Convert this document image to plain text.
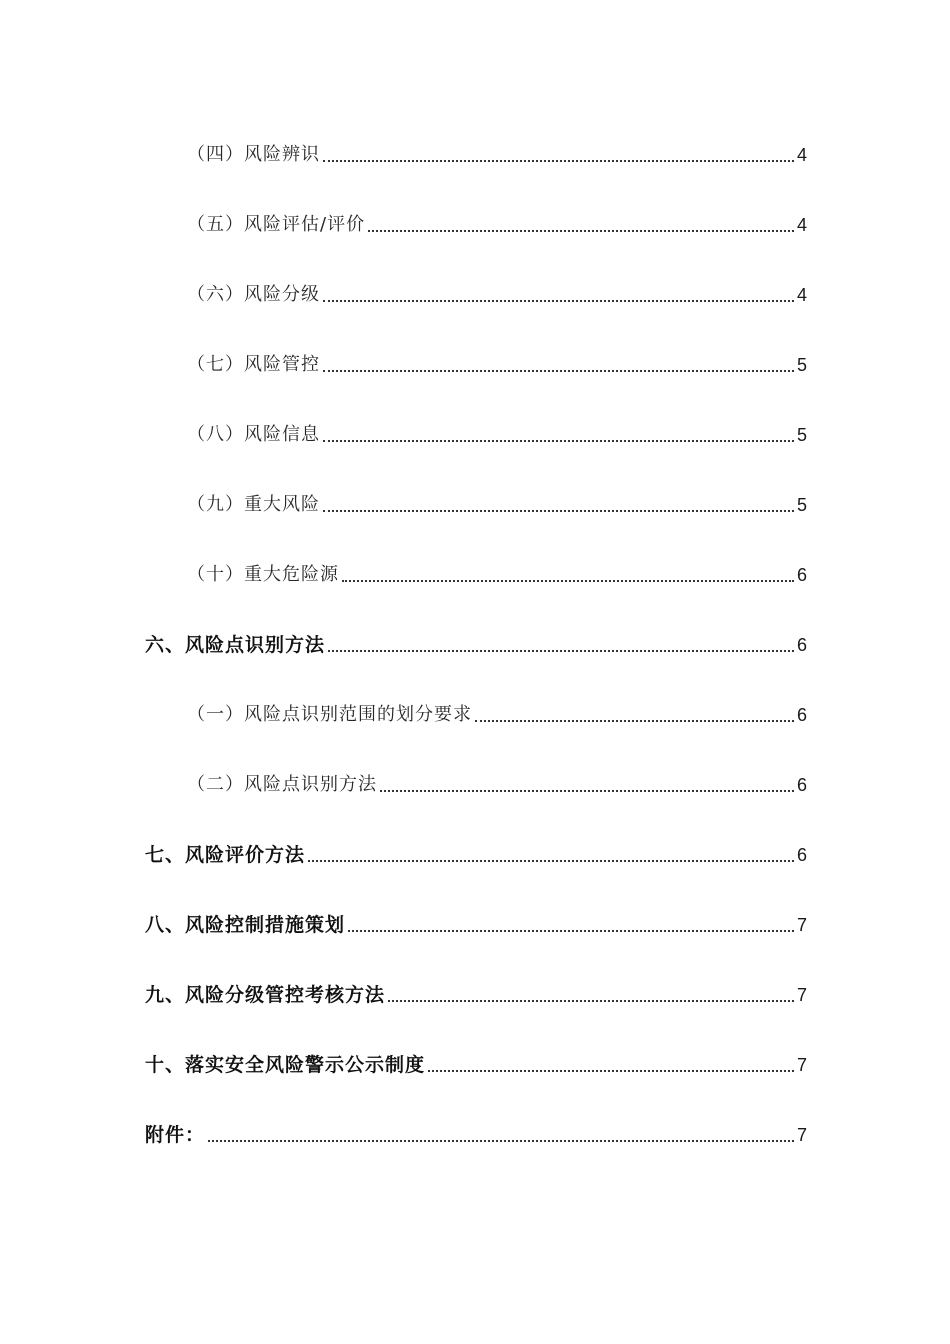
（四）风险辨识	4
（五）风险评估/评价	4
（六）风险分级	4
（七）风险管控	5
（八）风险信息	5
（九）重大风险	5
（十）重大危险源	6
六、风险点识别方法	6
（一）风险点识别范围的划分要求	6
（二）风险点识别方法	6
七、风险评价方法	6
八、风险控制措施策划	7
九、风险分级管控考核方法	7
十、落实安全风险警示公示制度	7
附件：	7
